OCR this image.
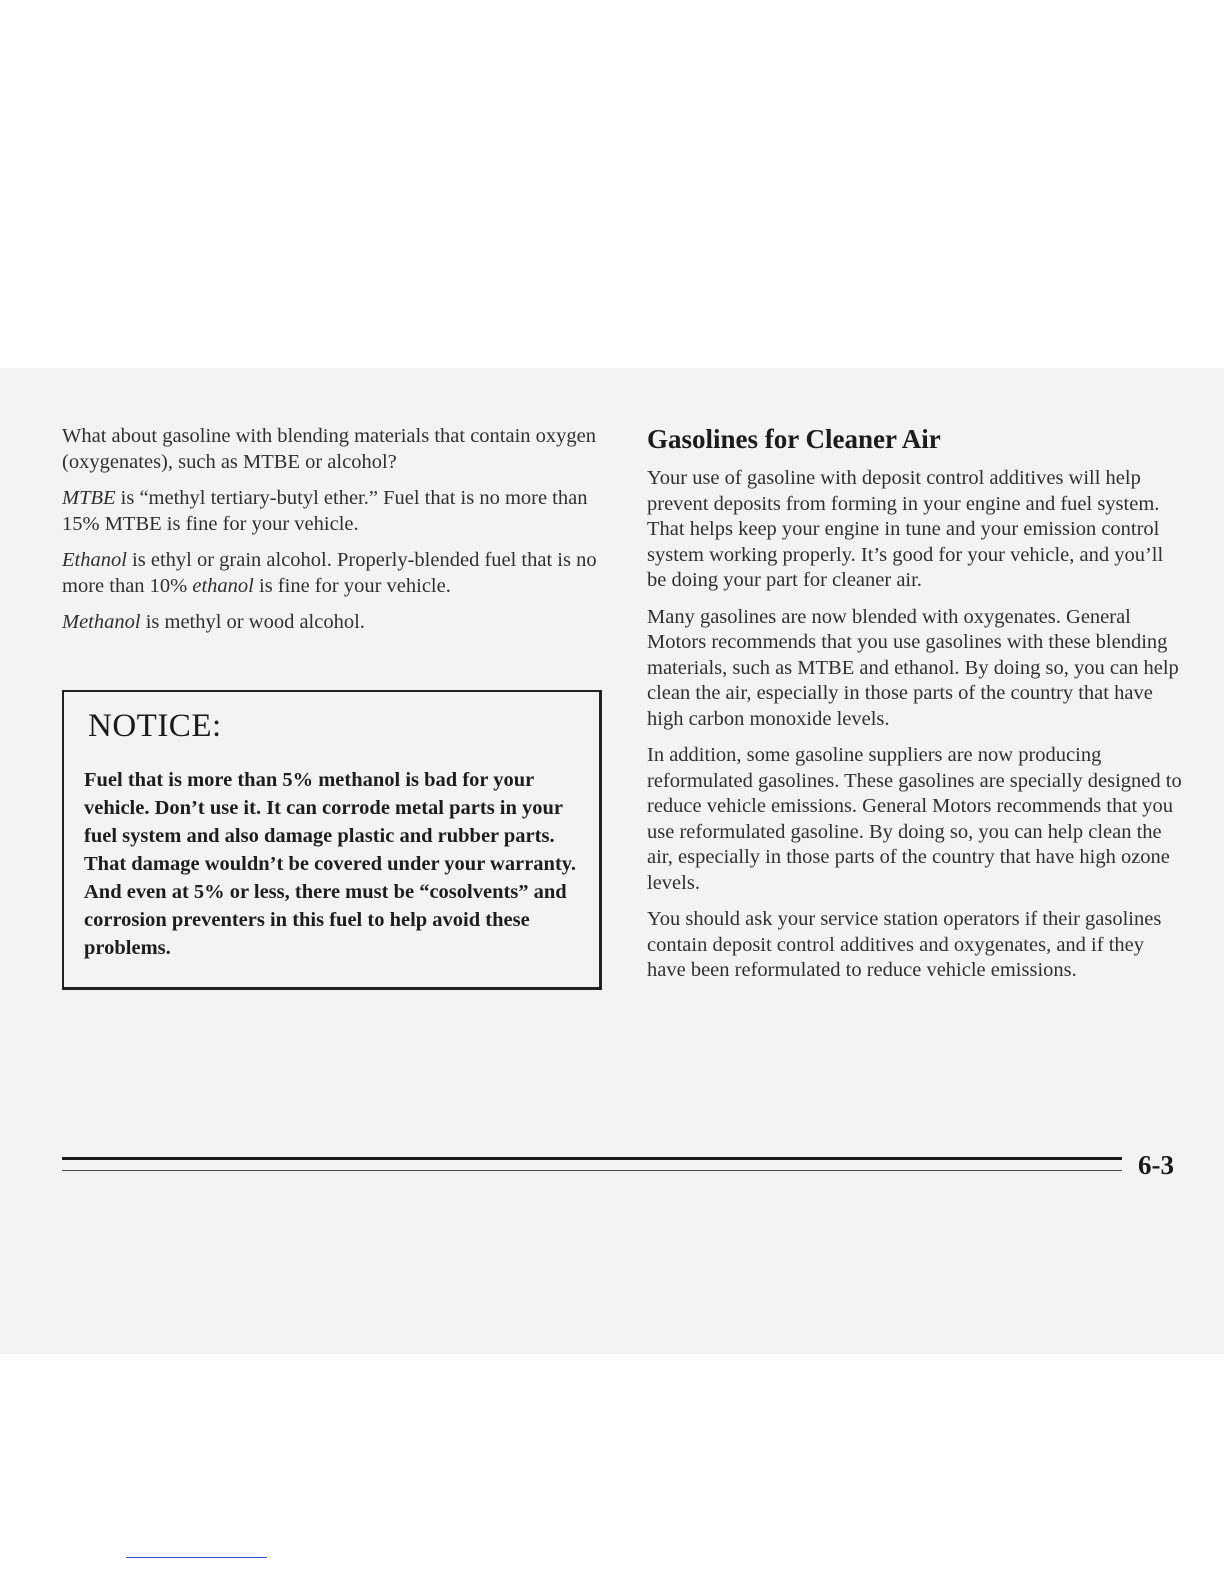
What about gasoline with blending materials that contain oxygen (oxygenates), such as MTBE or alcohol?

MTBE is “methyl tertiary-butyl ether.” Fuel that is no more than 15% MTBE is fine for your vehicle.

Ethanol is ethyl or grain alcohol. Properly-blended fuel that is no more than 10% ethanol is fine for your vehicle.

Methanol is methyl or wood alcohol.

NOTICE:

Fuel that is more than 5% methanol is bad for your vehicle. Don’t use it. It can corrode metal parts in your fuel system and also damage plastic and rubber parts. That damage wouldn’t be covered under your warranty. And even at 5% or less, there must be “cosolvents” and corrosion preventers in this fuel to help avoid these problems.

Gasolines for Cleaner Air

Your use of gasoline with deposit control additives will help prevent deposits from forming in your engine and fuel system. That helps keep your engine in tune and your emission control system working properly. It’s good for your vehicle, and you’ll be doing your part for cleaner air.

Many gasolines are now blended with oxygenates. General Motors recommends that you use gasolines with these blending materials, such as MTBE and ethanol. By doing so, you can help clean the air, especially in those parts of the country that have high carbon monoxide levels.

In addition, some gasoline suppliers are now producing reformulated gasolines. These gasolines are specially designed to reduce vehicle emissions. General Motors recommends that you use reformulated gasoline. By doing so, you can help clean the air, especially in those parts of the country that have high ozone levels.

You should ask your service station operators if their gasolines contain deposit control additives and oxygenates, and if they have been reformulated to reduce vehicle emissions.

6-3
